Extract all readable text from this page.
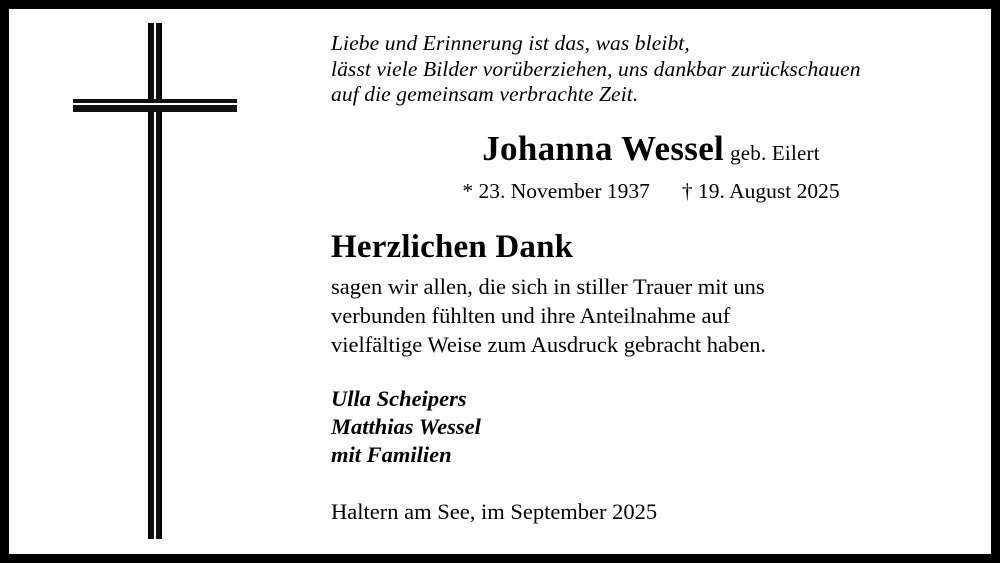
Liebe und Erinnerung ist das, was bleibt,
lässt viele Bilder vorüberziehen, uns dankbar zurückschauen
auf die gemeinsam verbrachte Zeit.
Johanna Wessel geb. Eilert
* 23. November 1937 † 19. August 2025
Herzlichen Dank
sagen wir allen, die sich in stiller Trauer mit uns
verbunden fühlten und ihre Anteilnahme auf
vielfältige Weise zum Ausdruck gebracht haben.
Ulla Scheipers
Matthias Wessel
mit Familien
Haltern am See, im September 2025
